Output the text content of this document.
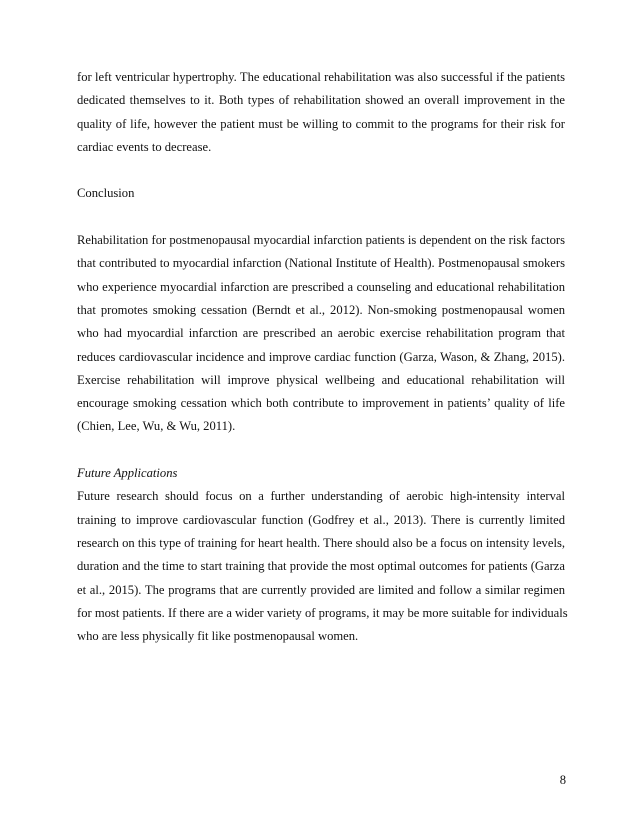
for left ventricular hypertrophy. The educational rehabilitation was also successful if the patients
dedicated themselves to it. Both types of rehabilitation showed an overall improvement in the
quality of life, however the patient must be willing to commit to the programs for their risk for
cardiac events to decrease.
Conclusion
Rehabilitation for postmenopausal myocardial infarction patients is dependent on the risk factors
that contributed to myocardial infarction (National Institute of Health). Postmenopausal smokers
who experience myocardial infarction are prescribed a counseling and educational rehabilitation
that promotes smoking cessation (Berndt et al., 2012). Non-smoking postmenopausal women
who had myocardial infarction are prescribed an aerobic exercise rehabilitation program that
reduces cardiovascular incidence and improve cardiac function (Garza, Wason, & Zhang, 2015).
Exercise rehabilitation will improve physical wellbeing and educational rehabilitation will
encourage smoking cessation which both contribute to improvement in patients’ quality of life
(Chien, Lee, Wu, & Wu, 2011).
Future Applications
Future research should focus on a further understanding of aerobic high-intensity interval
training to improve cardiovascular function (Godfrey et al., 2013). There is currently limited
research on this type of training for heart health. There should also be a focus on intensity levels,
duration and the time to start training that provide the most optimal outcomes for patients (Garza
et al., 2015). The programs that are currently provided are limited and follow a similar regimen
for most patients. If there are a wider variety of programs, it may be more suitable for individuals
who are less physically fit like postmenopausal women.
8
